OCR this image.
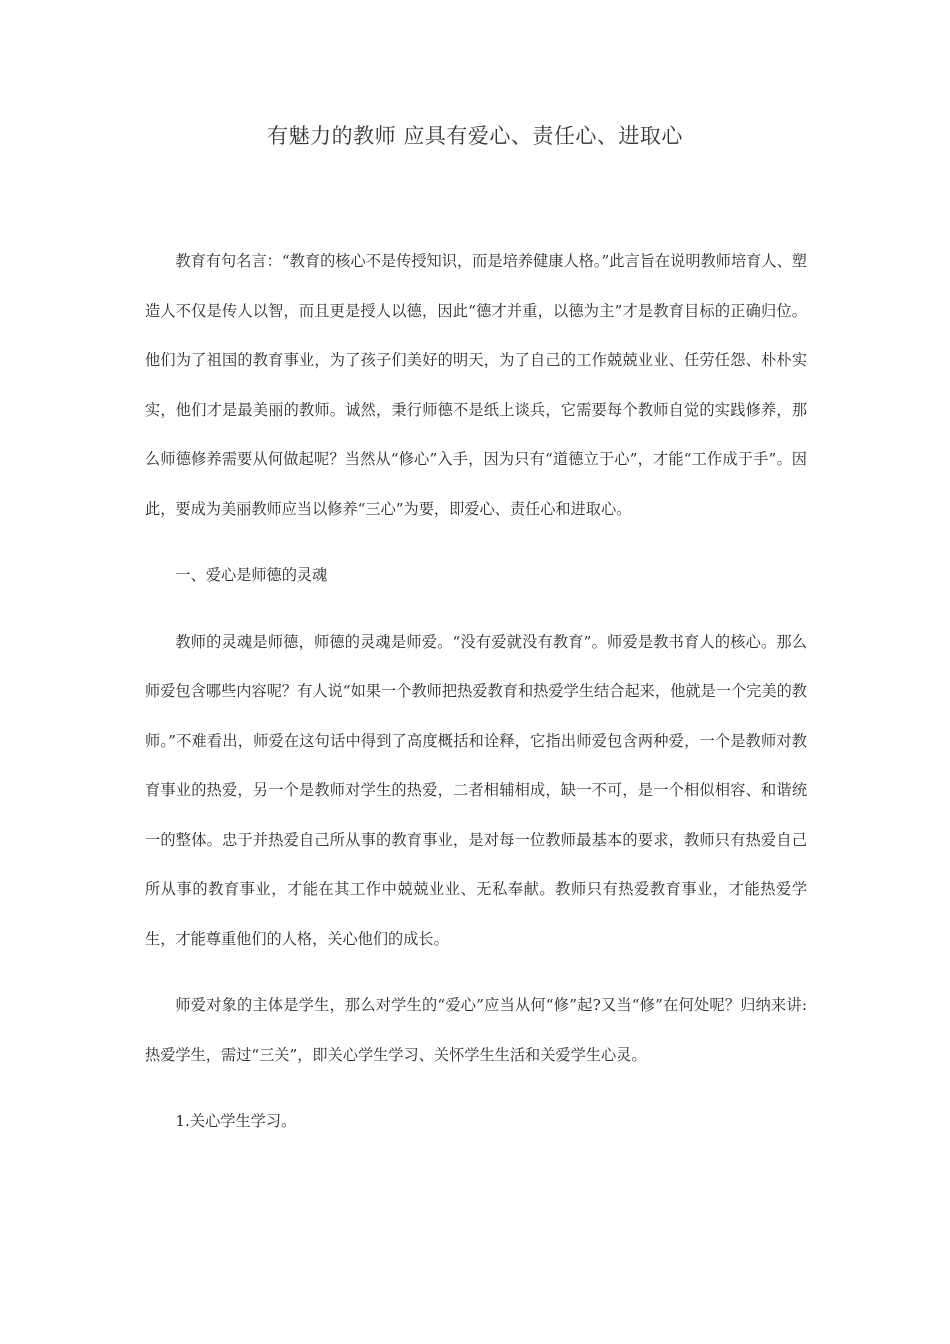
有魅力的教师 应具有爱心、责任心、进取心

教育有句名言：“教育的核心不是传授知识，而是培养健康人格。”此言旨在说明教师培育人、塑造人不仅是传人以智，而且更是授人以德，因此“德才并重，以德为主”才是教育目标的正确归位。他们为了祖国的教育事业，为了孩子们美好的明天，为了自己的工作兢兢业业、任劳任怨、朴朴实实，他们才是最美丽的教师。诚然，秉行师德不是纸上谈兵，它需要每个教师自觉的实践修养，那么师德修养需要从何做起呢？当然从“修心”入手，因为只有“道德立于心”，才能“工作成于手”。因此，要成为美丽教师应当以修养“三心”为要，即爱心、责任心和进取心。

一、爱心是师德的灵魂

教师的灵魂是师德，师德的灵魂是师爱。“没有爱就没有教育”。师爱是教书育人的核心。那么师爱包含哪些内容呢？有人说“如果一个教师把热爱教育和热爱学生结合起来，他就是一个完美的教师。”不难看出，师爱在这句话中得到了高度概括和诠释，它指出师爱包含两种爱，一个是教师对教育事业的热爱，另一个是教师对学生的热爱，二者相辅相成，缺一不可，是一个相似相容、和谐统一的整体。忠于并热爱自己所从事的教育事业，是对每一位教师最基本的要求，教师只有热爱自己所从事的教育事业，才能在其工作中兢兢业业、无私奉献。教师只有热爱教育事业，才能热爱学生，才能尊重他们的人格，关心他们的成长。

师爱对象的主体是学生，那么对学生的“爱心”应当从何“修”起?又当“修”在何处呢？归纳来讲:热爱学生，需过“三关”，即关心学生学习、关怀学生生活和关爱学生心灵。

1.关心学生学习。
